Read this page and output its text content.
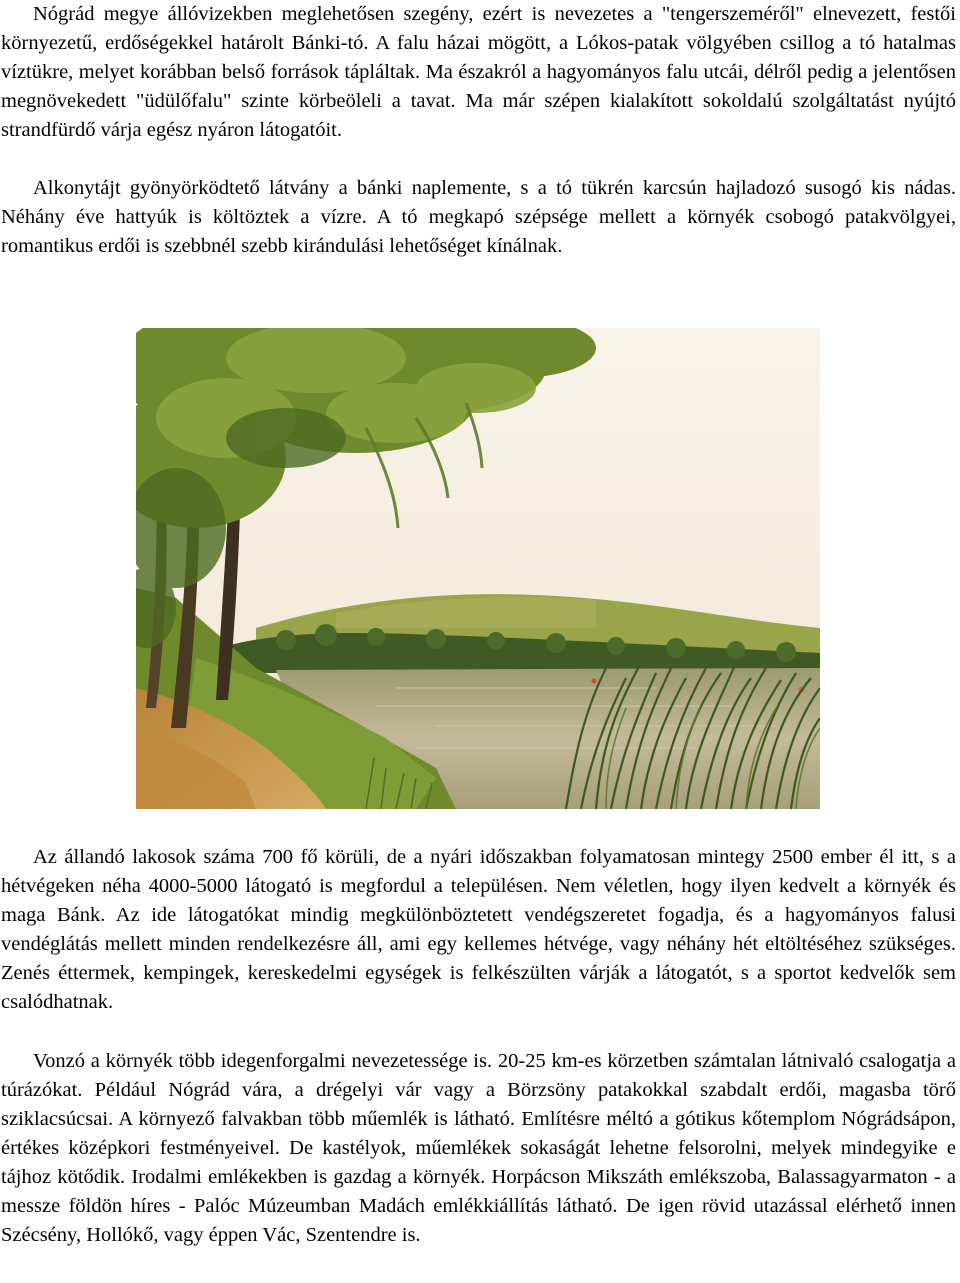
Nógrád megye állóvizekben meglehetősen szegény, ezért is nevezetes a "tengerszeméről" elnevezett, festői környezetű, erdőségekkel határolt Bánki-tó. A falu házai mögött, a Lókos-patak völgyében csillog a tó hatalmas víztükre, melyet korábban belső források tápláltak. Ma északról a hagyományos falu utcái, délről pedig a jelentősen megnövekedett "üdülőfalu" szinte körbeöleli a tavat. Ma már szépen kialakított sokoldalú szolgáltatást nyújtó strandfürdő várja egész nyáron látogatóit.

Alkonytájt gyönyörködtető látvány a bánki naplemente, s a tó tükrén karcsún hajladozó susogó kis nádas. Néhány éve hattyúk is költöztek a vízre. A tó megkapó szépsége mellett a környék csobogó patakvölgyei, romantikus erdői is szebbnél szebb kirándulási lehetőséget kínálnak.

Az állandó lakosok száma 700 fő körüli, de a nyári időszakban folyamatosan mintegy 2500 ember él itt, s a hétvégeken néha 4000-5000 látogató is megfordul a településen. Nem véletlen, hogy ilyen kedvelt a környék és maga Bánk. Az ide látogatókat mindig megkülönböztetett vendégszeretet fogadja, és a hagyományos falusi vendéglátás mellett minden rendelkezésre áll, ami egy kellemes hétvége, vagy néhány hét eltöltéséhez szükséges. Zenés éttermek, kempingek, kereskedelmi egységek is felkészülten várják a látogatót, s a sportot kedvelők sem csalódhatnak.

Vonzó a környék több idegenforgalmi nevezetessége is. 20-25 km-es körzetben számtalan látnivaló csalogatja a túrázókat. Például Nógrád vára, a drégelyi vár vagy a Börzsöny patakokkal szabdalt erdői, magasba törő sziklacsúcsai. A környező falvakban több műemlék is látható. Említésre méltó a gótikus kőtemplom Nógrádsápon, értékes középkori festményeivel. De kastélyok, műemlékek sokaságát lehetne felsorolni, melyek mindegyike e tájhoz kötődik. Irodalmi emlékekben is gazdag a környék. Horpácson Mikszáth emlékszoba, Balassagyarmaton - a messze földön híres - Palóc Múzeumban Madách emlékkiállítás látható. De igen rövid utazással elérhető innen Szécsény, Hollókő, vagy éppen Vác, Szentendre is.
